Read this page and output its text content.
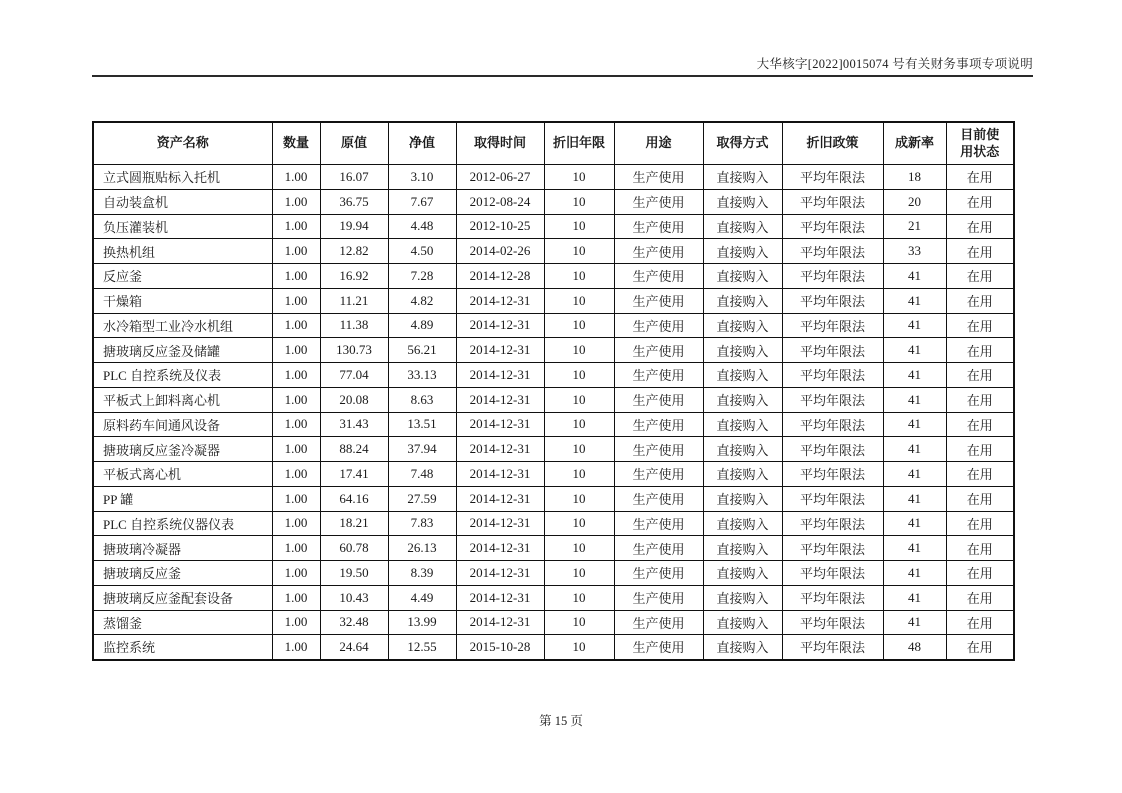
大华核字[2022]0015074 号有关财务事项专项说明
资产名称	数量	原值	净值	取得时间	折旧年限	用途	取得方式	折旧政策	成新率	目前使
用状态
立式圆瓶贴标入托机	1.00	16.07	3.10	2012-06-27	10	生产使用	直接购入	平均年限法	18	在用
自动装盒机	1.00	36.75	7.67	2012-08-24	10	生产使用	直接购入	平均年限法	20	在用
负压灌装机	1.00	19.94	4.48	2012-10-25	10	生产使用	直接购入	平均年限法	21	在用
换热机组	1.00	12.82	4.50	2014-02-26	10	生产使用	直接购入	平均年限法	33	在用
反应釜	1.00	16.92	7.28	2014-12-28	10	生产使用	直接购入	平均年限法	41	在用
干燥箱	1.00	11.21	4.82	2014-12-31	10	生产使用	直接购入	平均年限法	41	在用
水冷箱型工业冷水机组	1.00	11.38	4.89	2014-12-31	10	生产使用	直接购入	平均年限法	41	在用
搪玻璃反应釜及储罐	1.00	130.73	56.21	2014-12-31	10	生产使用	直接购入	平均年限法	41	在用
PLC 自控系统及仪表	1.00	77.04	33.13	2014-12-31	10	生产使用	直接购入	平均年限法	41	在用
平板式上卸料离心机	1.00	20.08	8.63	2014-12-31	10	生产使用	直接购入	平均年限法	41	在用
原料药车间通风设备	1.00	31.43	13.51	2014-12-31	10	生产使用	直接购入	平均年限法	41	在用
搪玻璃反应釜冷凝器	1.00	88.24	37.94	2014-12-31	10	生产使用	直接购入	平均年限法	41	在用
平板式离心机	1.00	17.41	7.48	2014-12-31	10	生产使用	直接购入	平均年限法	41	在用
PP 罐	1.00	64.16	27.59	2014-12-31	10	生产使用	直接购入	平均年限法	41	在用
PLC 自控系统仪器仪表	1.00	18.21	7.83	2014-12-31	10	生产使用	直接购入	平均年限法	41	在用
搪玻璃冷凝器	1.00	60.78	26.13	2014-12-31	10	生产使用	直接购入	平均年限法	41	在用
搪玻璃反应釜	1.00	19.50	8.39	2014-12-31	10	生产使用	直接购入	平均年限法	41	在用
搪玻璃反应釜配套设备	1.00	10.43	4.49	2014-12-31	10	生产使用	直接购入	平均年限法	41	在用
蒸馏釜	1.00	32.48	13.99	2014-12-31	10	生产使用	直接购入	平均年限法	41	在用
监控系统	1.00	24.64	12.55	2015-10-28	10	生产使用	直接购入	平均年限法	48	在用
第 15 页
